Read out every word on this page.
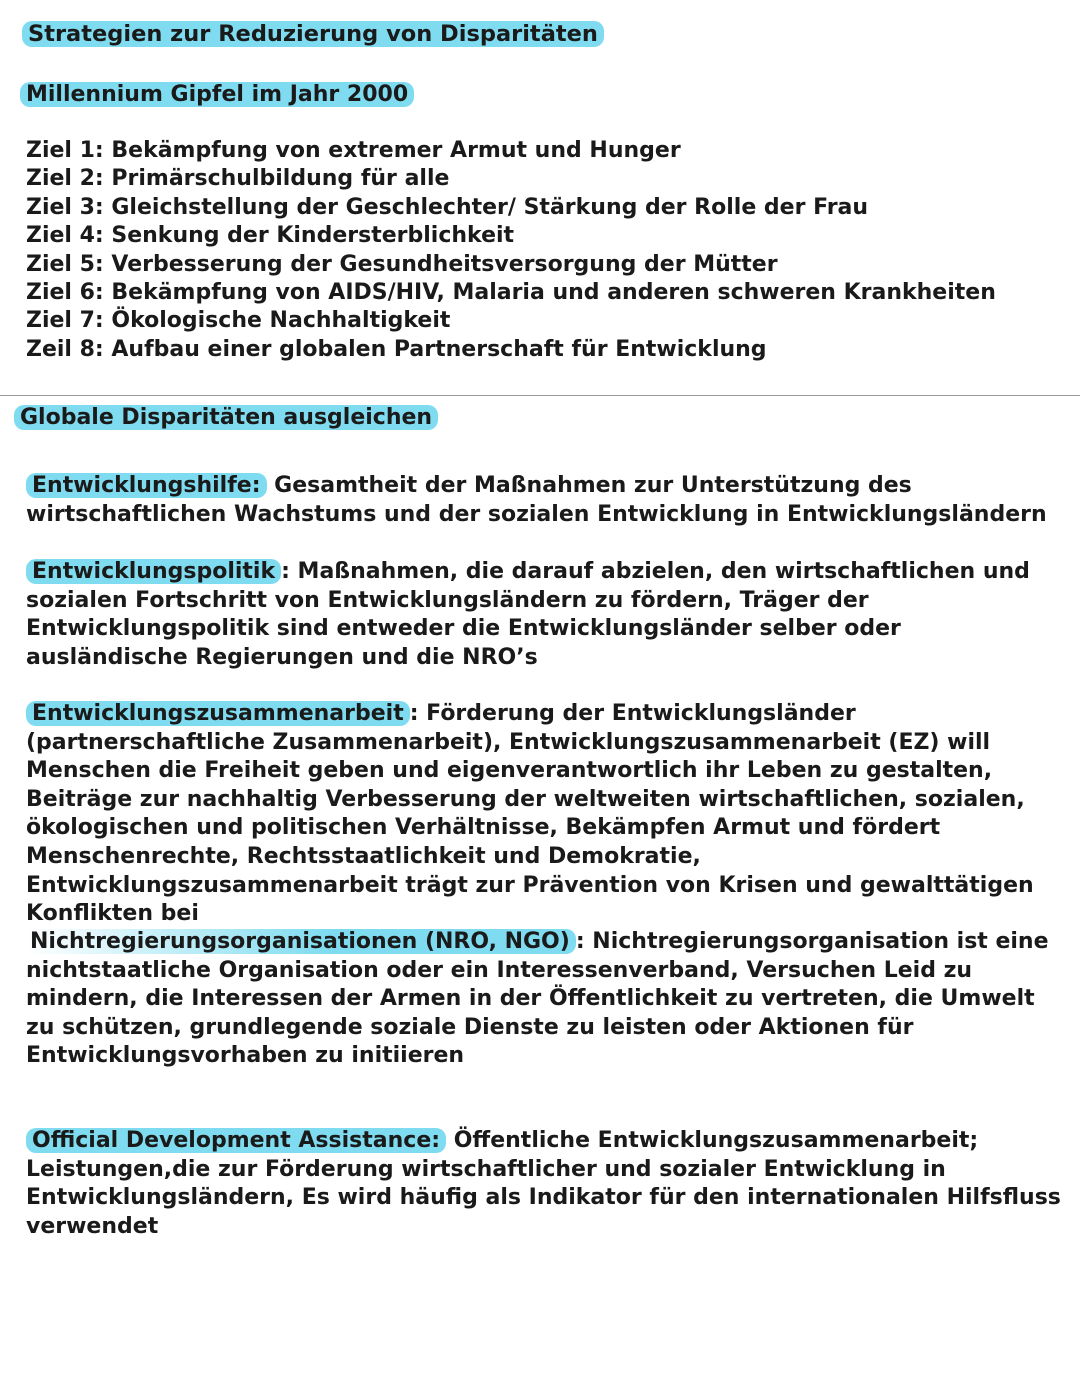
Strategien zur Reduzierung von Disparitäten
Millennium Gipfel im Jahr 2000
Ziel 1: Bekämpfung von extremer Armut und Hunger
Ziel 2: Primärschulbildung für alle
Ziel 3: Gleichstellung der Geschlechter/ Stärkung der Rolle der Frau
Ziel 4: Senkung der Kindersterblichkeit
Ziel 5: Verbesserung der Gesundheitsversorgung der Mütter
Ziel 6: Bekämpfung von AIDS/HIV, Malaria und anderen schweren Krankheiten
Ziel 7: Ökologische Nachhaltigkeit
Zeil 8: Aufbau einer globalen Partnerschaft für Entwicklung
Globale Disparitäten ausgleichen

Entwicklungshilfe: Gesamtheit der Maßnahmen zur Unterstützung des wirtschaftlichen Wachstums und der sozialen Entwicklung in Entwicklungsländern

Entwicklungspolitik : Maßnahmen, die darauf abzielen, den wirtschaftlichen und sozialen Fortschritt von Entwicklungsländern zu fördern, Träger der Entwicklungspolitik sind entweder die Entwicklungsländer selber oder ausländische Regierungen und die NRO’s

Entwicklungszusammenarbeit : Förderung der Entwicklungsländer (partnerschaftliche Zusammenarbeit), Entwicklungszusammenarbeit (EZ) will Menschen die Freiheit geben und eigenverantwortlich ihr Leben zu gestalten, Beiträge zur nachhaltig Verbesserung der weltweiten wirtschaftlichen, sozialen, ökologischen und politischen Verhältnisse, Bekämpfen Armut und fördert Menschenrechte, Rechtsstaatlichkeit und Demokratie, Entwicklungszusammenarbeit trägt zur Prävention von Krisen und gewalttätigen Konflikten bei

Nichtregierungsorganisationen (NRO, NGO) : Nichtregierungsorganisation ist eine nichtstaatliche Organisation oder ein Interessenverband, Versuchen Leid zu mindern, die Interessen der Armen in der Öffentlichkeit zu vertreten, die Umwelt zu schützen, grundlegende soziale Dienste zu leisten oder Aktionen für Entwicklungsvorhaben zu initiieren

Official Development Assistance: Öffentliche Entwicklungszusammenarbeit; Leistungen,die zur Förderung wirtschaftlicher und sozialer Entwicklung in Entwicklungsländern, Es wird häufig als Indikator für den internationalen Hilfsfluss verwendet
